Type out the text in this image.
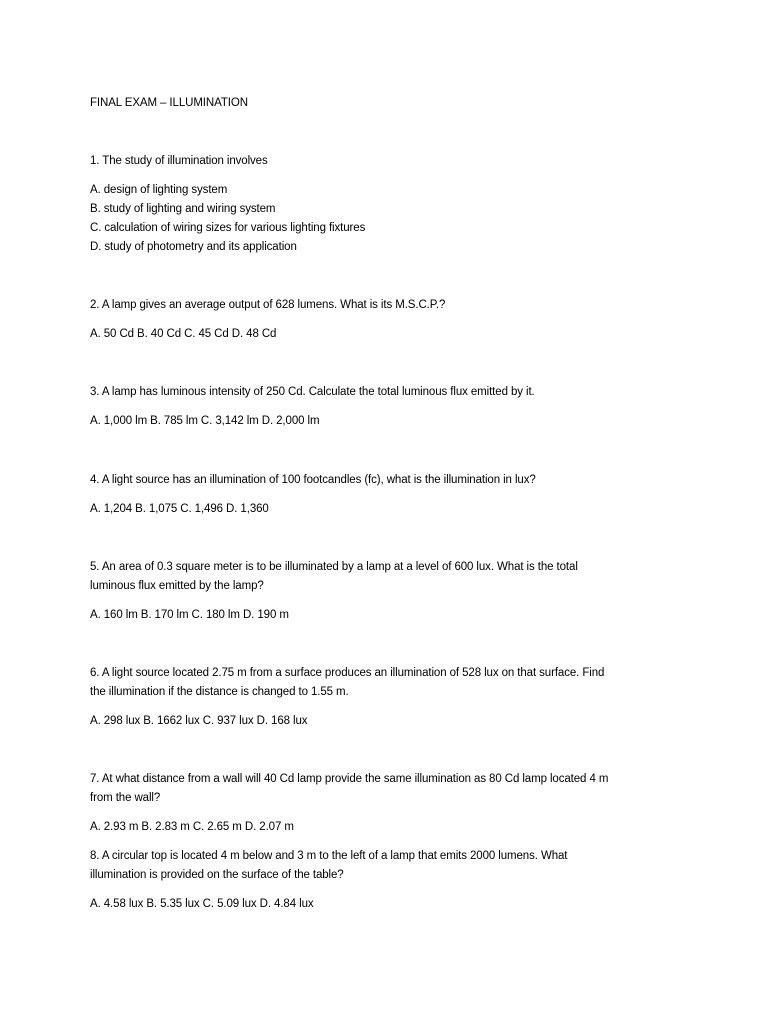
FINAL EXAM – ILLUMINATION
1. The study of illumination involves
A. design of lighting system
B. study of lighting and wiring system
C. calculation of wiring sizes for various lighting fixtures
D. study of photometry and its application
2. A lamp gives an average output of 628 lumens. What is its M.S.C.P.?
A. 50 Cd B. 40 Cd C. 45 Cd D. 48 Cd
3. A lamp has luminous intensity of 250 Cd. Calculate the total luminous flux emitted by it.
A. 1,000 lm B. 785 lm C. 3,142 lm D. 2,000 lm
4. A light source has an illumination of 100 footcandles (fc), what is the illumination in lux?
A. 1,204 B. 1,075 C. 1,496 D. 1,360
5. An area of 0.3 square meter is to be illuminated by a lamp at a level of 600 lux. What is the total
luminous flux emitted by the lamp?
A. 160 lm B. 170 lm C. 180 lm D. 190 m
6. A light source located 2.75 m from a surface produces an illumination of 528 lux on that surface. Find
the illumination if the distance is changed to 1.55 m.
A. 298 lux B. 1662 lux C. 937 lux D. 168 lux
7. At what distance from a wall will 40 Cd lamp provide the same illumination as 80 Cd lamp located 4 m
from the wall?
A. 2.93 m B. 2.83 m C. 2.65 m D. 2.07 m
8. A circular top is located 4 m below and 3 m to the left of a lamp that emits 2000 lumens. What
illumination is provided on the surface of the table?
A. 4.58 lux B. 5.35 lux C. 5.09 lux D. 4.84 lux
